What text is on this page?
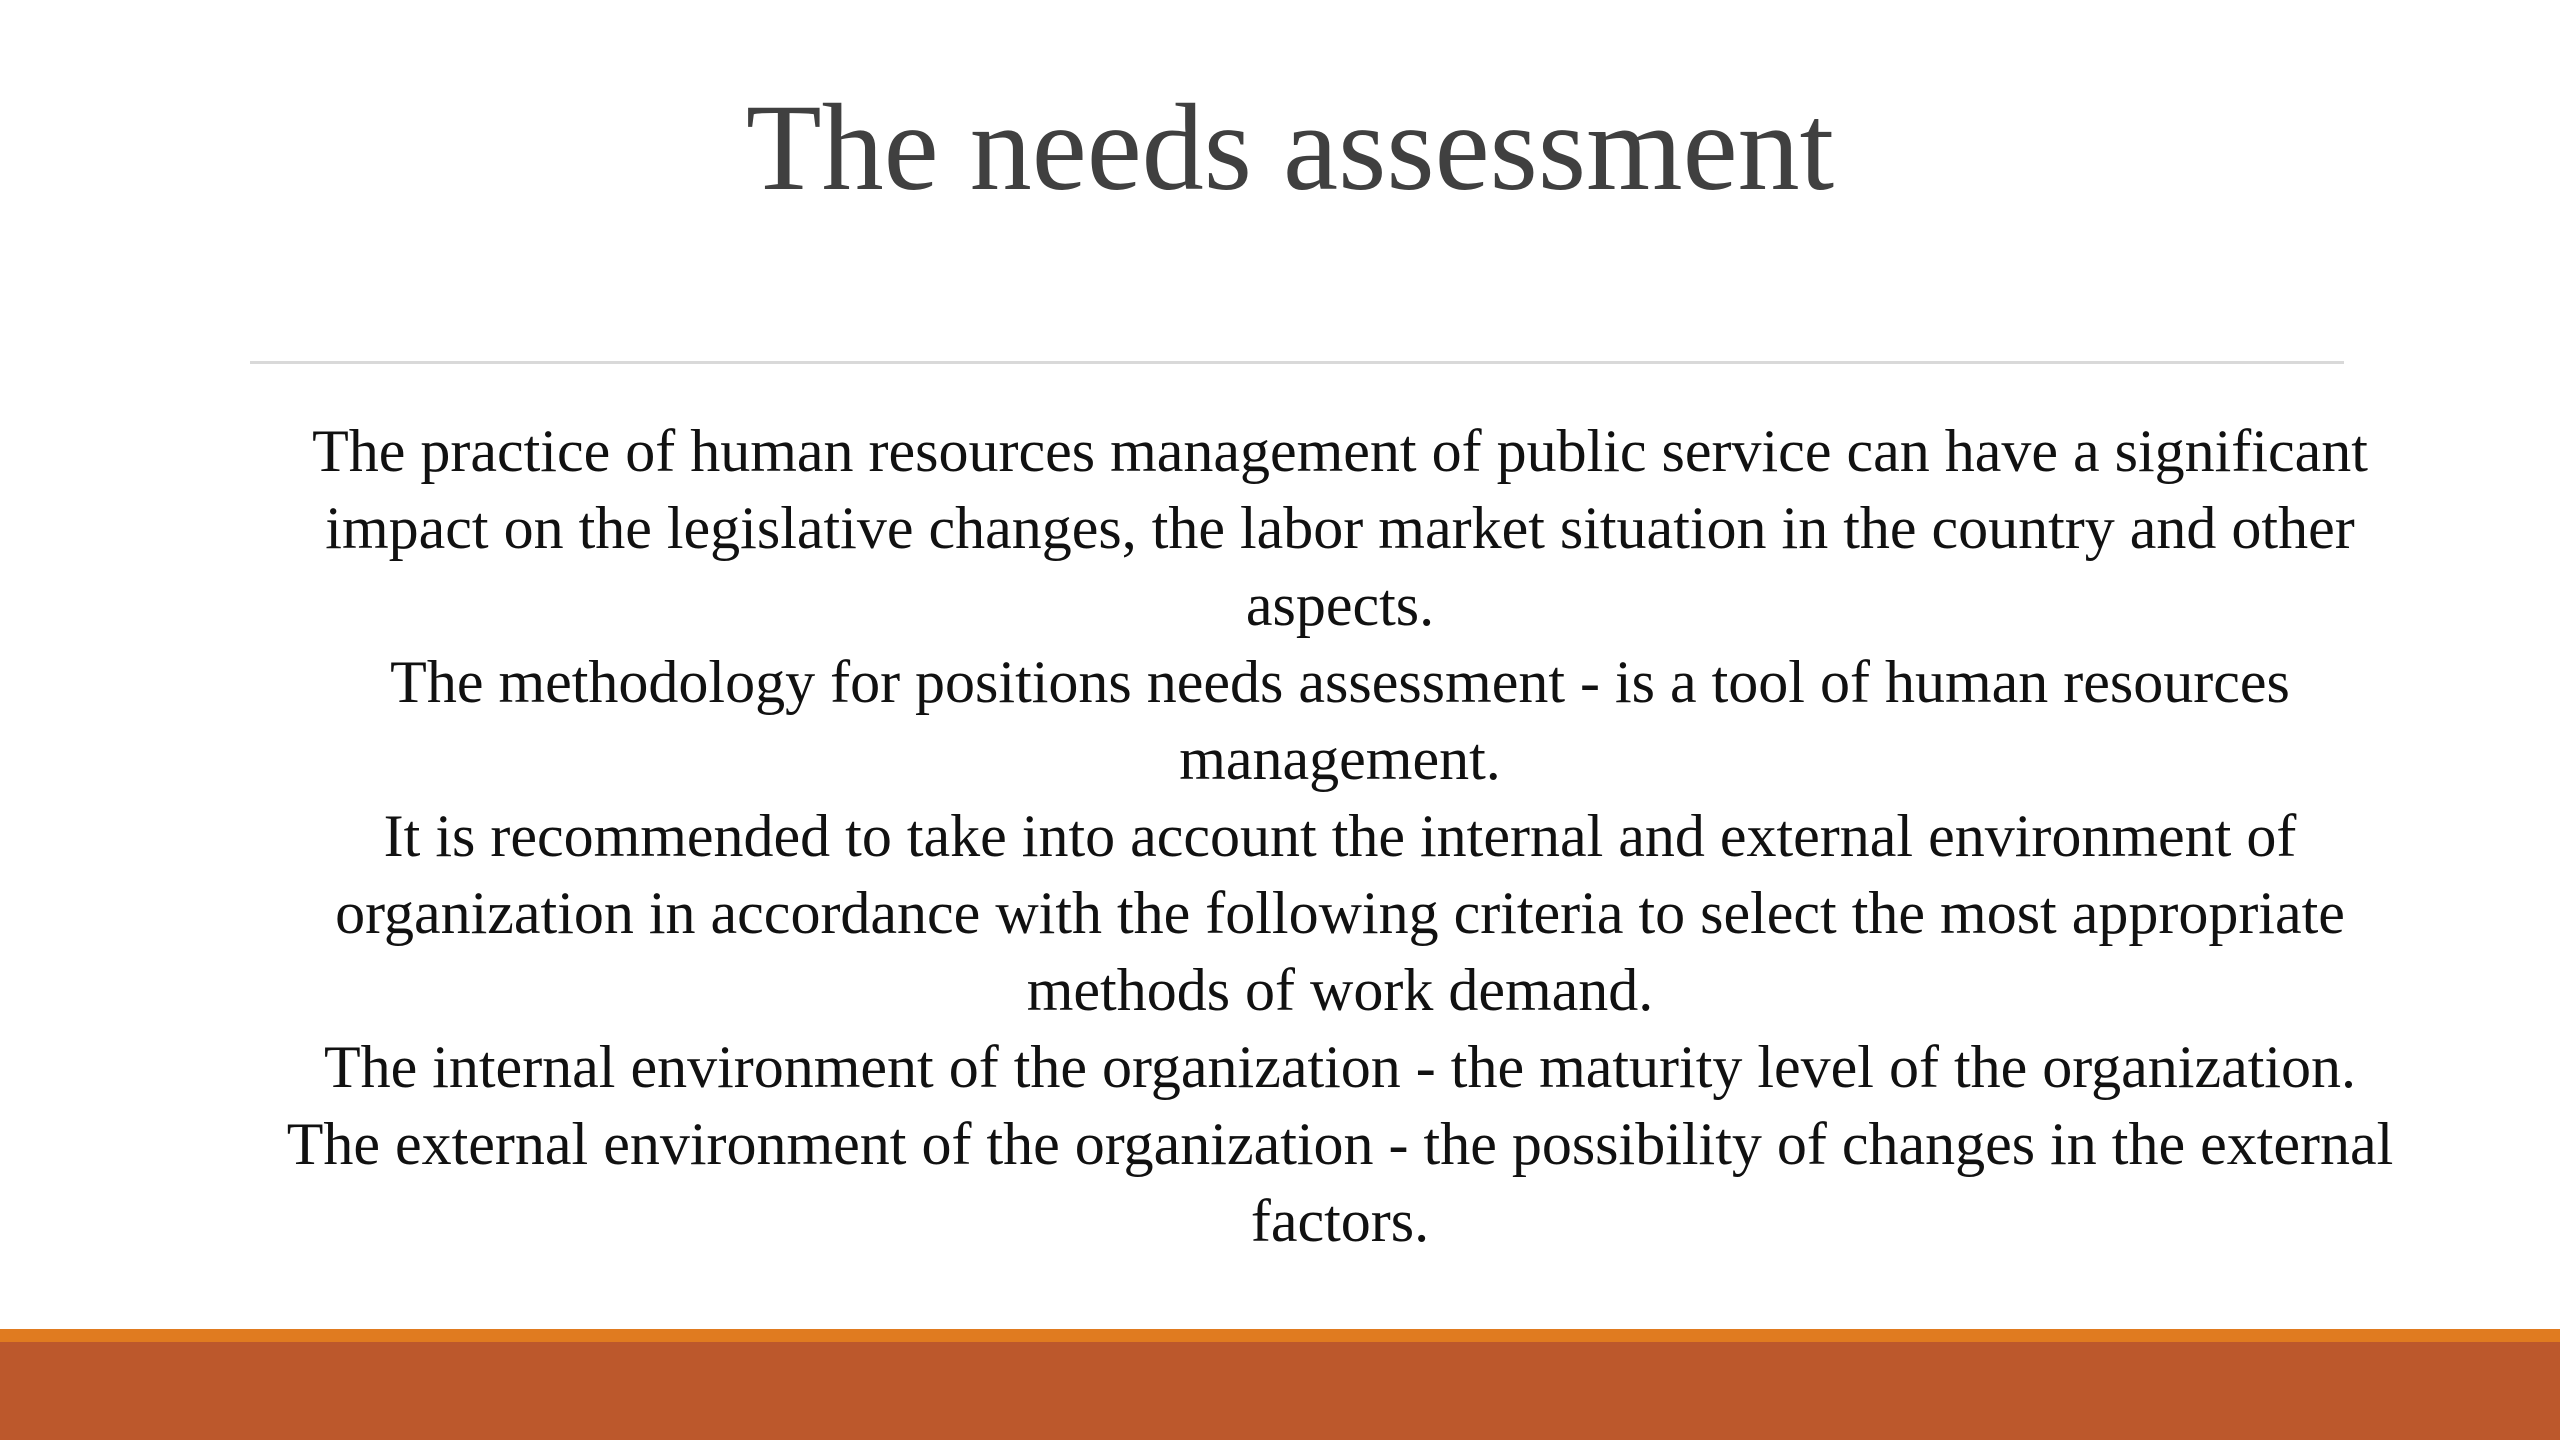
The needs assessment

The practice of human resources management of public service can have a significant impact on the legislative changes, the labor market situation in the country and other aspects.

The methodology for positions needs assessment - is a tool of human resources management.

It is recommended to take into account the internal and external environment of organization in accordance with the following criteria to select the most appropriate methods of work demand.

The internal environment of the organization - the maturity level of the organization.

The external environment of the organization - the possibility of changes in the external factors.
